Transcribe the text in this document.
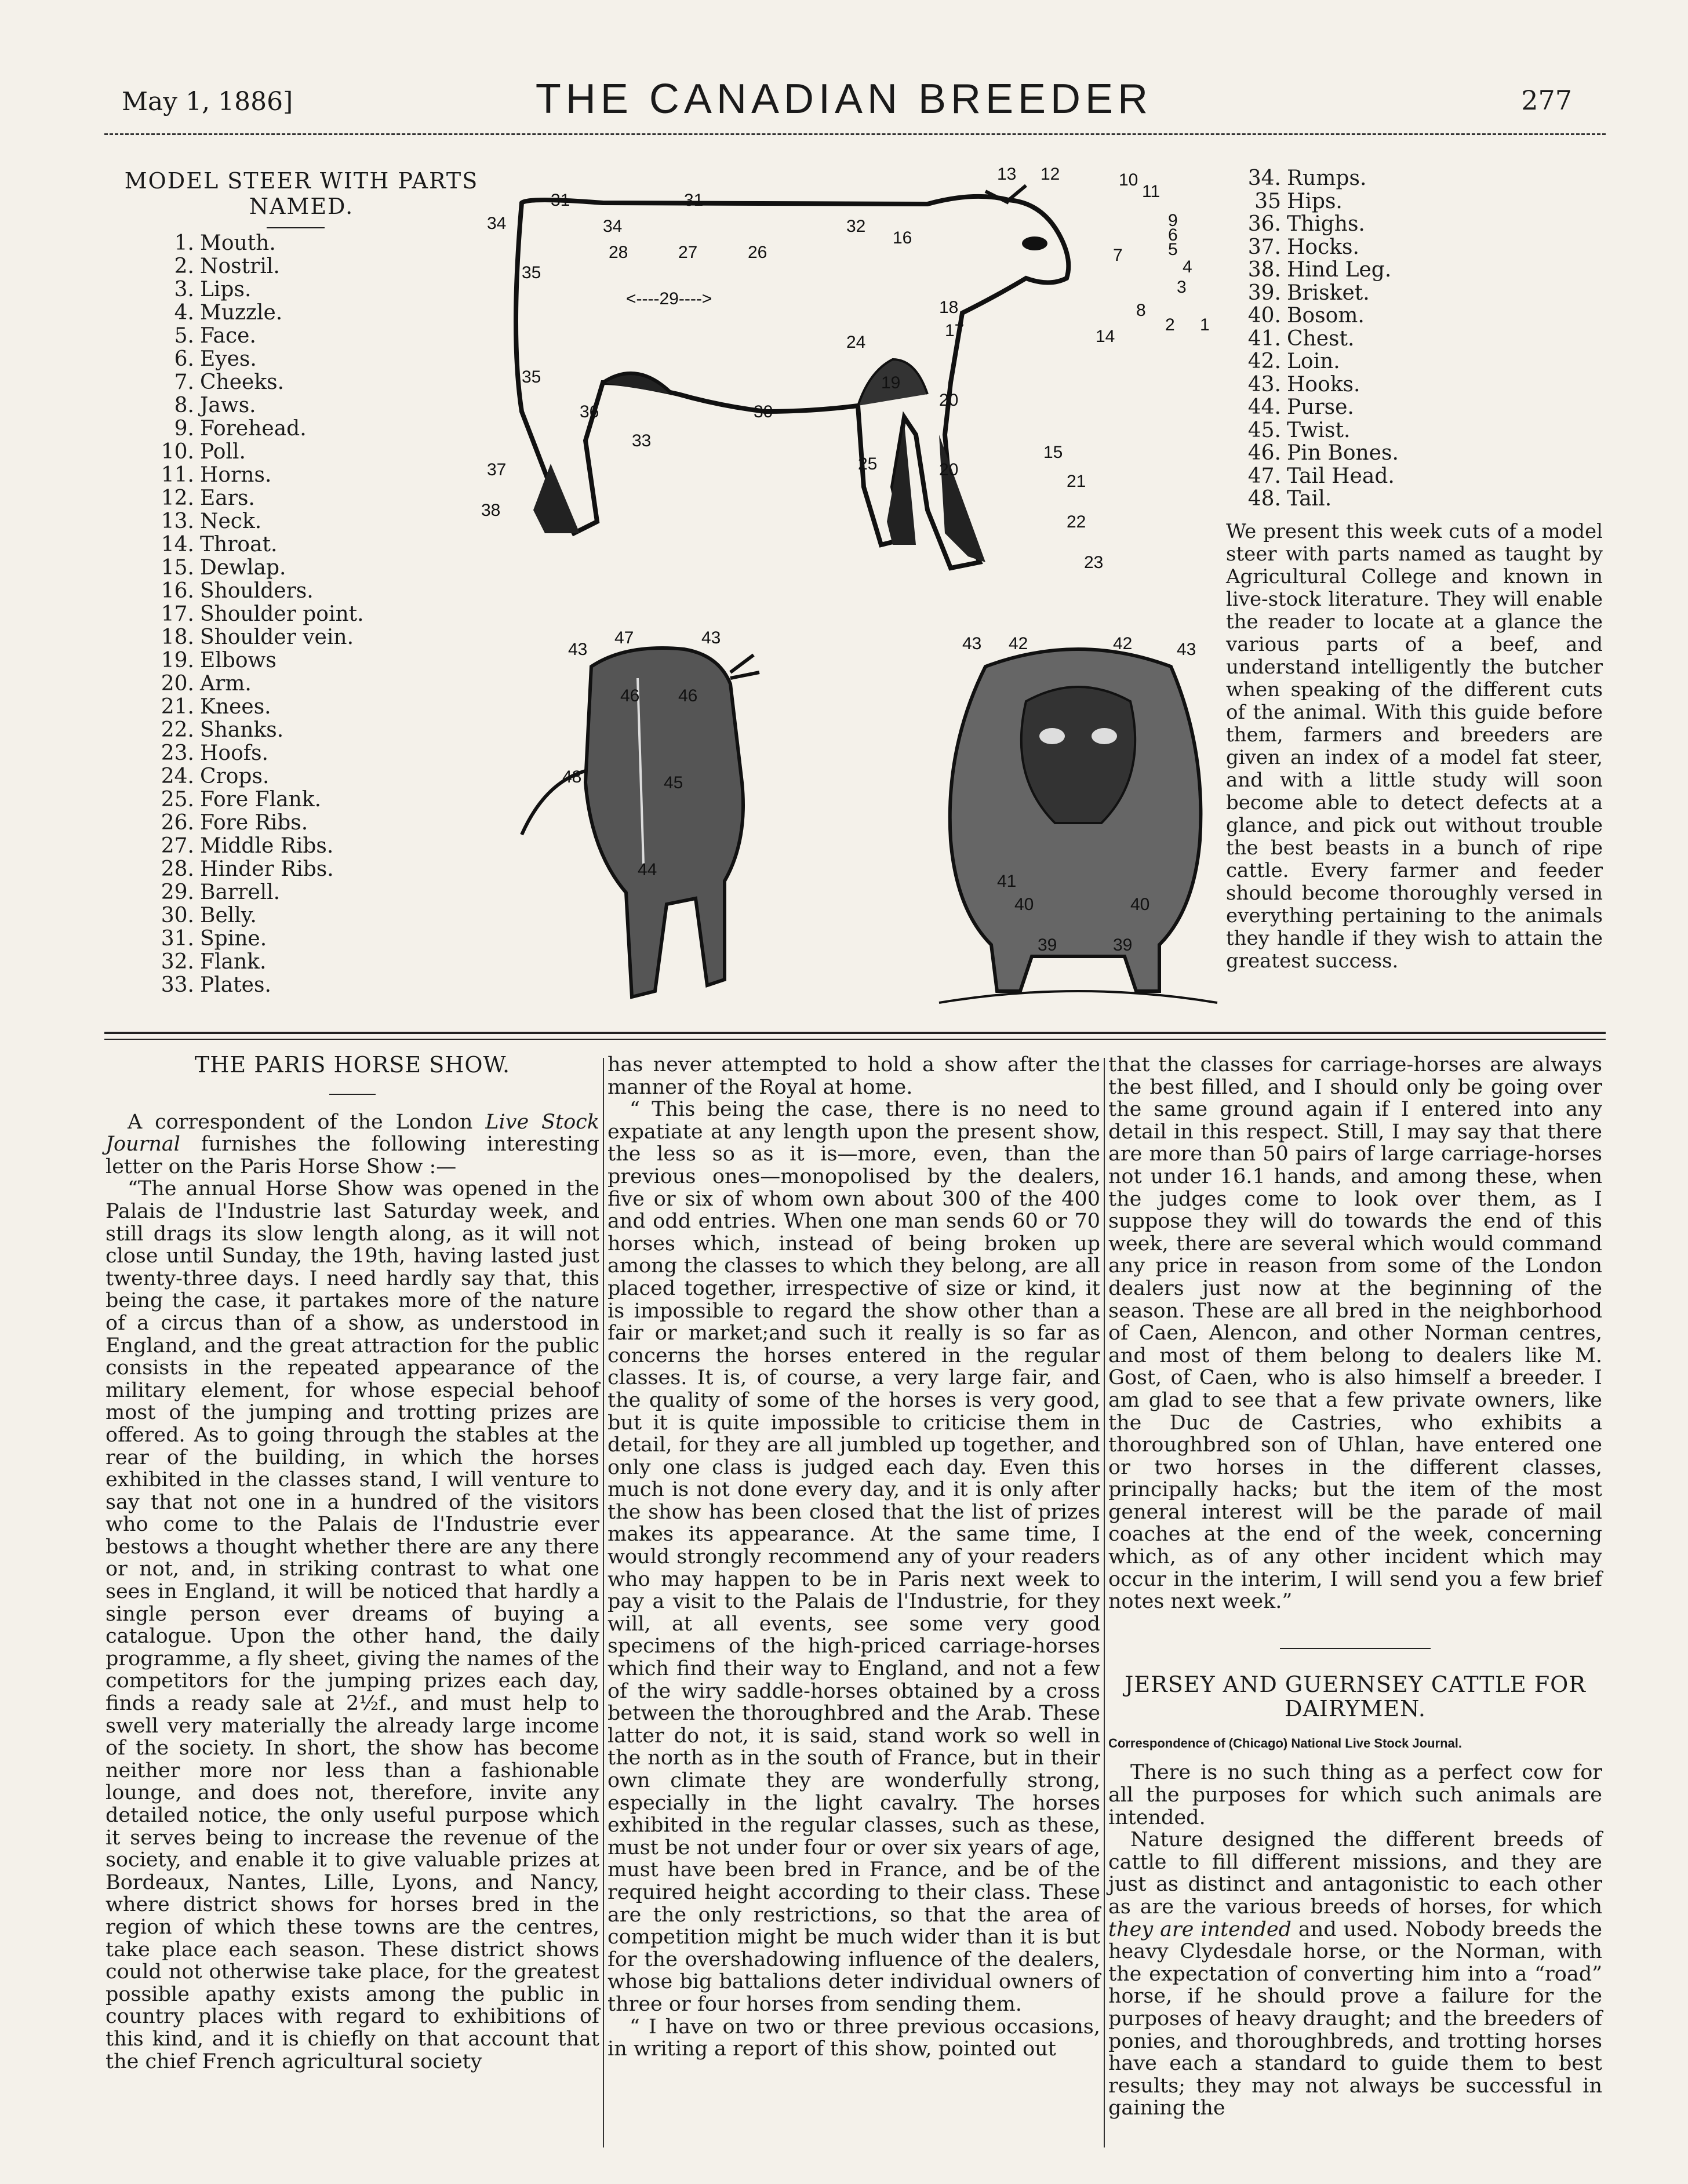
May 1, 1886]	THE CANADIAN BREEDER	277
MODEL STEER WITH PARTS NAMED.
1. Mouth.
2. Nostril.
3. Lips.
4. Muzzle.
5. Face.
6. Eyes.
7. Cheeks.
8. Jaws.
9. Forehead.
10. Poll.
11. Horns.
12. Ears.
13. Neck.
14. Throat.
15. Dewlap.
16. Shoulders.
17. Shoulder point.
18. Shoulder vein.
19. Elbows
20. Arm.
21. Knees.
22. Shanks.
23. Hoofs.
24. Crops.
25. Fore Flank.
26. Fore Ribs.
27. Middle Ribs.
28. Hinder Ribs.
29. Barrell.
30. Belly.
31. Spine.
32. Flank.
33. Plates.
34. Rumps.
35 Hips.
36. Thighs.
37. Hocks.
38. Hind Leg.
39. Brisket.
40. Bosom.
41. Chest.
42. Loin.
43. Hooks.
44. Purse.
45. Twist.
46. Pin Bones.
47. Tail Head.
48. Tail.
We present this week cuts of a model steer with parts named as taught by Agricultural College and known in live-stock literature. They will enable the reader to locate at a glance the various parts of a beef, and understand intelligently the butcher when speaking of the different cuts of the animal. With this guide before them, farmers and breeders are given an index of a model fat steer, and with a little study will soon become able to detect defects at a glance, and pick out without trouble the best beasts in a bunch of ripe cattle. Every farmer and feeder should become thoroughly versed in everything pertaining to the animals they handle if they wish to attain the greatest success.
31	31
34	34
35
35
28	27	26
<----29---->
24
32
16
18
17
13 12	10
11
9
6
5
7
4
3
8
2 1
14
19
20
20
30
36
33
25
15
21
22
23
37
38
43
47	43
48
46 46
45
44
43 42	42	43
41
40	40
39	39
THE PARIS HORSE SHOW.

A correspondent of the London Live Stock Journal furnishes the following interesting letter on the Paris Horse Show :—

“The annual Horse Show was opened in the Palais de l'Industrie last Saturday week, and still drags its slow length along, as it will not close until Sunday, the 19th, having lasted just twenty-three days. I need hardly say that, this being the case, it partakes more of the nature of a circus than of a show, as understood in England, and the great attraction for the public consists in the repeated appearance of the military element, for whose especial behoof most of the jumping and trotting prizes are offered. As to going through the stables at the rear of the building, in which the horses exhibited in the classes stand, I will venture to say that not one in a hundred of the visitors who come to the Palais de l'Industrie ever bestows a thought whether there are any there or not, and, in striking contrast to what one sees in England, it will be noticed that hardly a single person ever dreams of buying a catalogue. Upon the other hand, the daily programme, a fly sheet, giving the names of the competitors for the jumping prizes each day, finds a ready sale at 2½f., and must help to swell very materially the already large income of the society. In short, the show has become neither more nor less than a fashionable lounge, and does not, therefore, invite any detailed notice, the only useful purpose which it serves being to increase the revenue of the society, and enable it to give valuable prizes at Bordeaux, Nantes, Lille, Lyons, and Nancy, where district shows for horses bred in the region of which these towns are the centres, take place each season. These district shows could not otherwise take place, for the greatest possible apathy exists among the public in country places with regard to exhibitions of this kind, and it is chiefly on that account that the chief French agricultural society

has never attempted to hold a show after the manner of the Royal at home.

“ This being the case, there is no need to expatiate at any length upon the present show, the less so as it is—more, even, than the previous ones—monopolised by the dealers, five or six of whom own about 300 of the 400 and odd entries. When one man sends 60 or 70 horses which, instead of being broken up among the classes to which they belong, are all placed together, irrespective of size or kind, it is impossible to regard the show other than a fair or market;and such it really is so far as concerns the horses entered in the regular classes. It is, of course, a very large fair, and the quality of some of the horses is very good, but it is quite impossible to criticise them in detail, for they are all jumbled up together, and only one class is judged each day. Even this much is not done every day, and it is only after the show has been closed that the list of prizes makes its appearance. At the same time, I would strongly recommend any of your readers who may happen to be in Paris next week to pay a visit to the Palais de l'Industrie, for they will, at all events, see some very good specimens of the high-priced carriage-horses which find their way to England, and not a few of the wiry saddle-horses obtained by a cross between the thoroughbred and the Arab. These latter do not, it is said, stand work so well in the north as in the south of France, but in their own climate they are wonderfully strong, especially in the light cavalry. The horses exhibited in the regular classes, such as these, must be not under four or over six years of age, must have been bred in France, and be of the required height according to their class. These are the only restrictions, so that the area of competition might be much wider than it is but for the overshadowing influence of the dealers, whose big battalions deter individual owners of three or four horses from sending them.

“ I have on two or three previous occasions, in writing a report of this show, pointed out

that the classes for carriage-horses are always the best filled, and I should only be going over the same ground again if I entered into any detail in this respect. Still, I may say that there are more than 50 pairs of large carriage-horses not under 16.1 hands, and among these, when the judges come to look over them, as I suppose they will do towards the end of this week, there are several which would command any price in reason from some of the London dealers just now at the beginning of the season. These are all bred in the neighborhood of Caen, Alencon, and other Norman centres, and most of them belong to dealers like M. Gost, of Caen, who is also himself a breeder. I am glad to see that a few private owners, like the Duc de Castries, who exhibits a thoroughbred son of Uhlan, have entered one or two horses in the different classes, principally hacks; but the item of the most general interest will be the parade of mail coaches at the end of the week, concerning which, as of any other incident which may occur in the interim, I will send you a few brief notes next week.”

JERSEY AND GUERNSEY CATTLE FOR DAIRYMEN.
Correspondence of (Chicago) National Live Stock Journal.

There is no such thing as a perfect cow for all the purposes for which such animals are intended.

Nature designed the different breeds of cattle to fill different missions, and they are just as distinct and antagonistic to each other as are the various breeds of horses, for which they are intended and used. Nobody breeds the heavy Clydesdale horse, or the Norman, with the expectation of converting him into a “road” horse, if he should prove a failure for the purposes of heavy draught; and the breeders of ponies, and thoroughbreds, and trotting horses have each a standard to guide them to best results; they may not always be successful in gaining the
